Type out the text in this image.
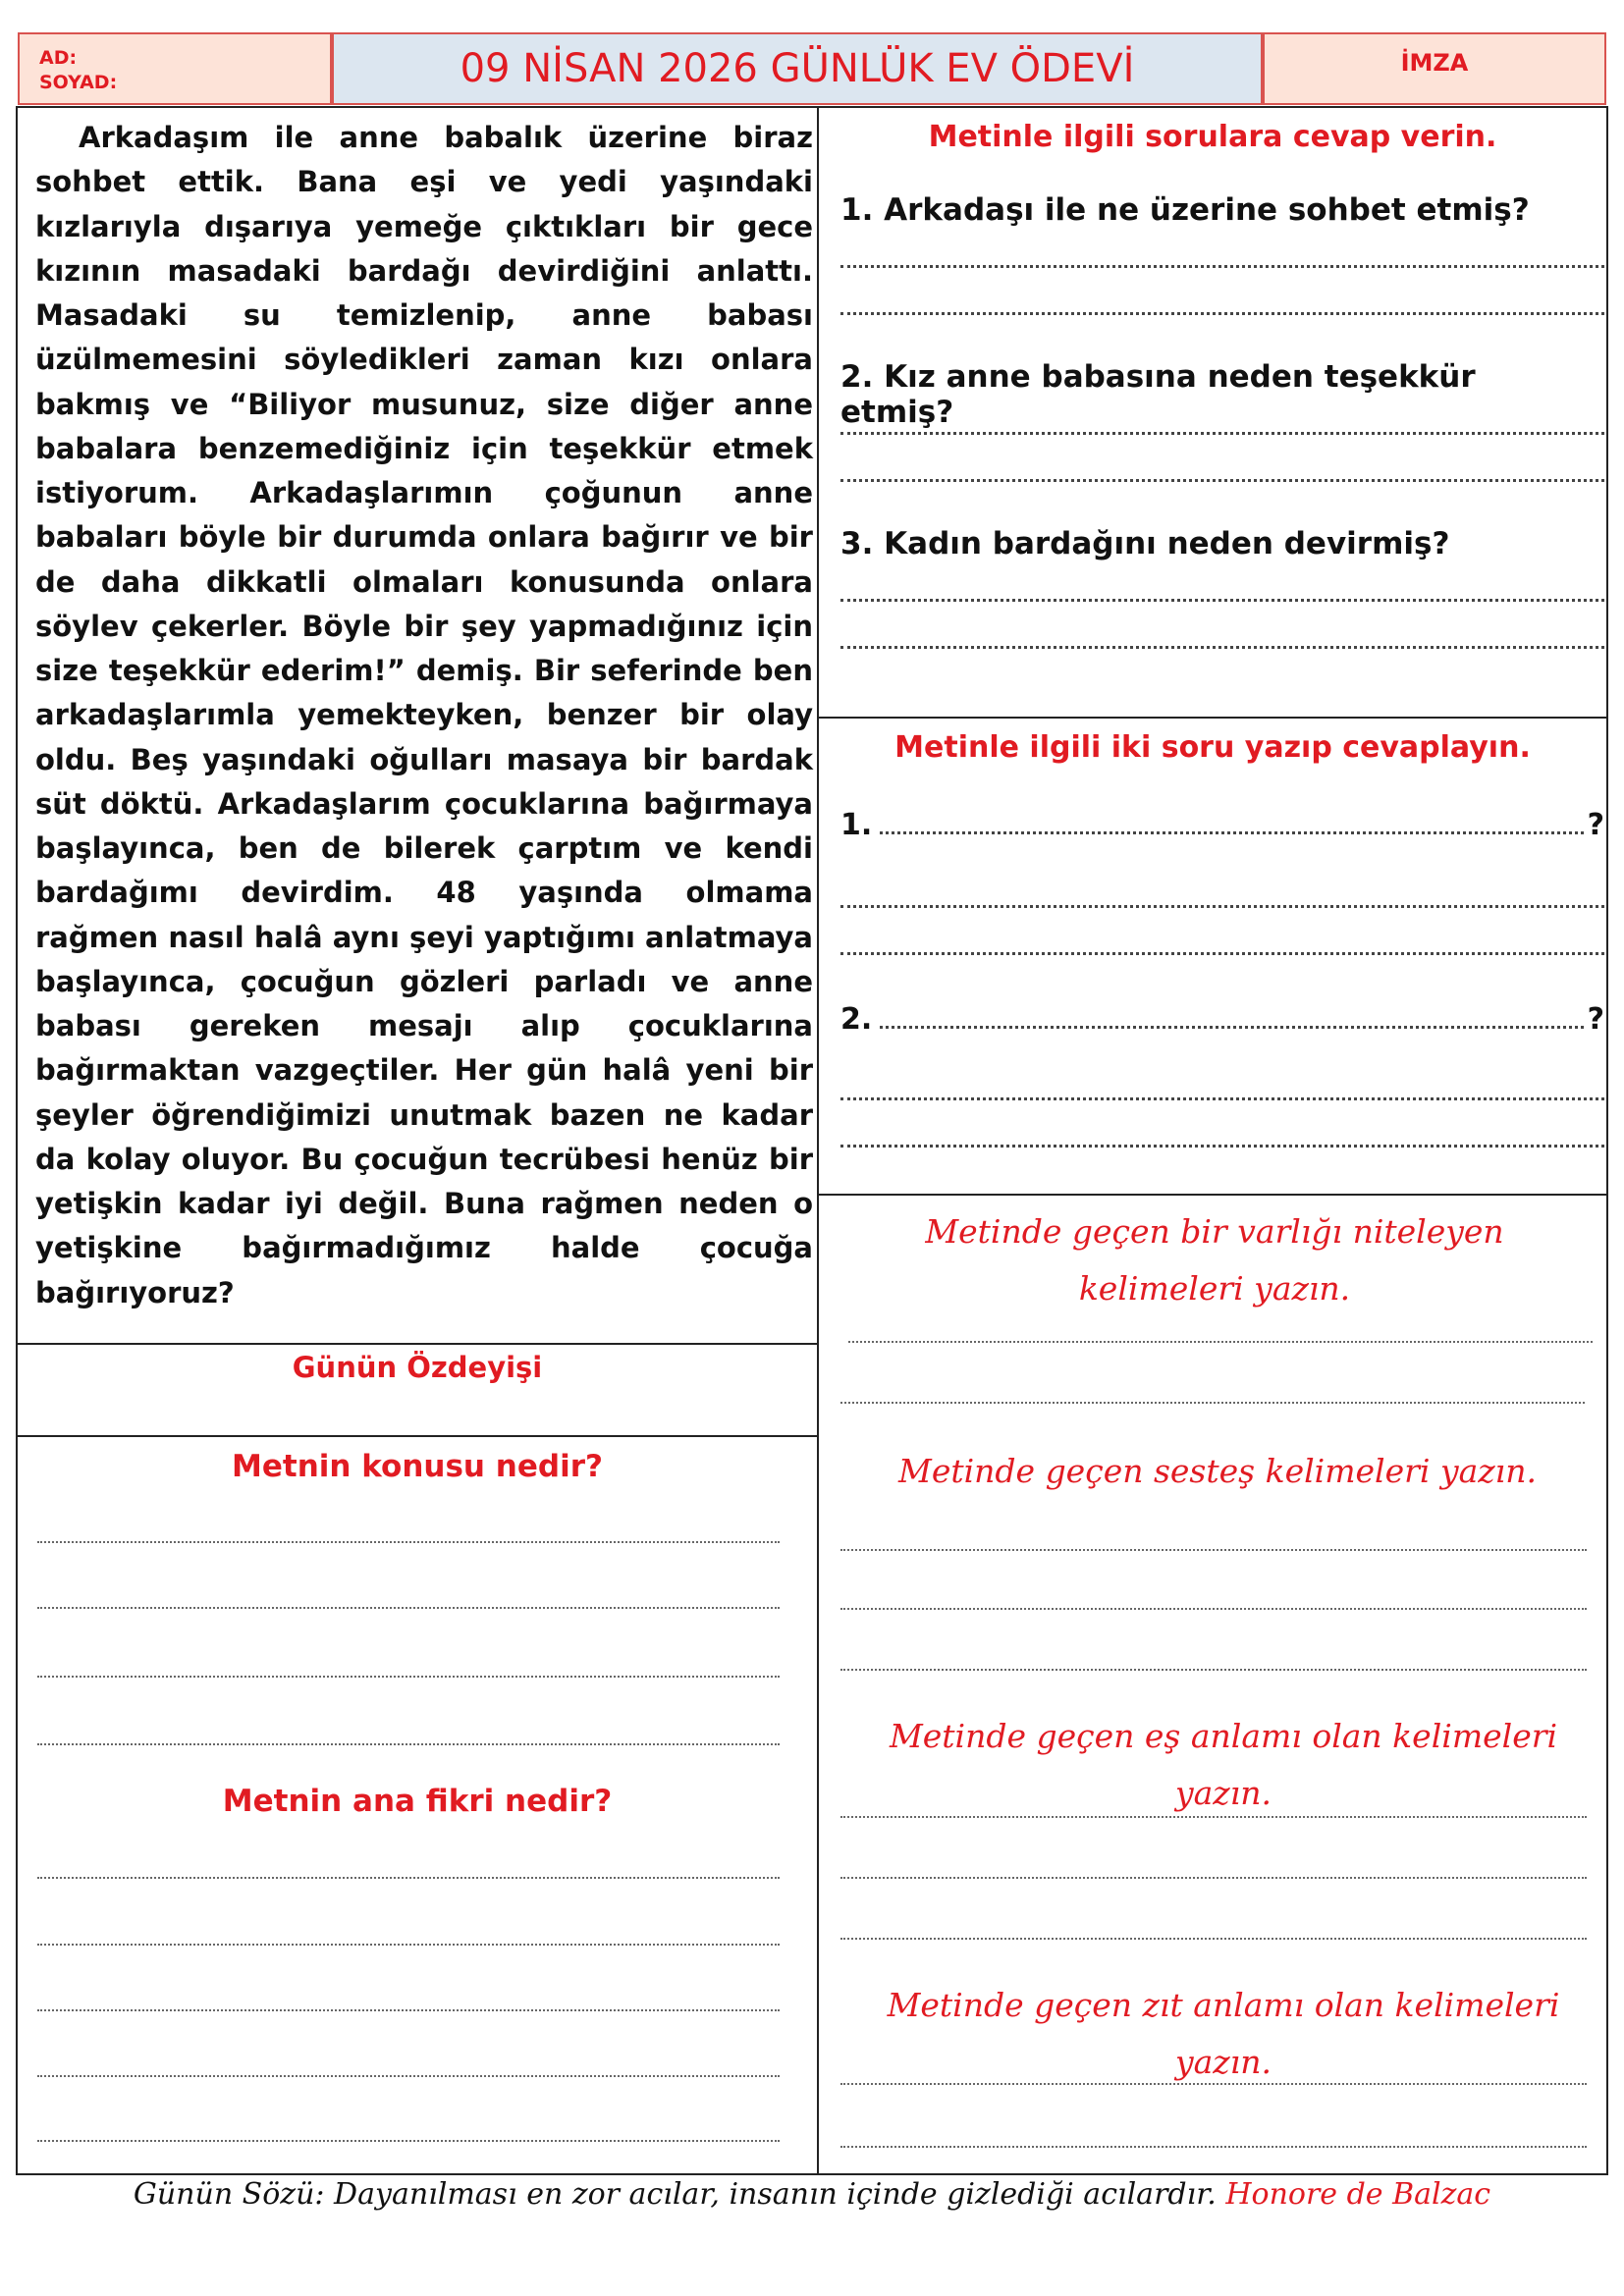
AD:
SOYAD:	09 NİSAN 2026 GÜNLÜK EV ÖDEVİ	İMZA

Arkadaşım ile anne babalık üzerine biraz sohbet ettik. Bana eşi ve yedi yaşındaki kızlarıyla dışarıya yemeğe çıktıkları bir gece kızının masadaki bardağı devirdiğini anlattı. Masadaki su temizlenip, anne babası üzülmemesini söyledikleri zaman kızı onlara bakmış ve “Biliyor musunuz, size diğer anne babalara benzemediğiniz için teşekkür etmek istiyorum. Arkadaşlarımın çoğunun anne babaları böyle bir durumda onlara bağırır ve bir de daha dikkatli olmaları konusunda onlara söylev çekerler. Böyle bir şey yapmadığınız için size teşekkür ederim!” demiş. Bir seferinde ben arkadaşlarımla yemekteyken, benzer bir olay oldu. Beş yaşındaki oğulları masaya bir bardak süt döktü. Arkadaşlarım çocuklarına bağırmaya başlayınca, ben de bilerek çarptım ve kendi bardağımı devirdim. 48 yaşında olmama rağmen nasıl halâ aynı şeyi yaptığımı anlatmaya başlayınca, çocuğun gözleri parladı ve anne babası gereken mesajı alıp çocuklarına bağırmaktan vazgeçtiler. Her gün halâ yeni bir şeyler öğrendiğimizi unutmak bazen ne kadar da kolay oluyor. Bu çocuğun tecrübesi henüz bir yetişkin kadar iyi değil. Buna rağmen neden o yetişkine bağırmadığımız halde çocuğa bağırıyoruz?

Günün Özdeyişi
Metnin konusu nedir?
Metnin ana fikri nedir?
Metinle ilgili sorulara cevap verin.
1. Arkadaşı ile ne üzerine sohbet etmiş?
2. Kız anne babasına neden teşekkür etmiş?
3. Kadın bardağını neden devirmiş?
Metinle ilgili iki soru yazıp cevaplayın.
1.	?
2.	?
Metinde geçen bir varlığı niteleyen kelimeleri yazın.
Metinde geçen sesteş kelimeleri yazın.
Metinde geçen eş anlamı olan kelimeleri yazın.
Metinde geçen zıt anlamı olan kelimeleri yazın.
Günün Sözü: Dayanılması en zor acılar, insanın içinde gizlediği acılardır. Honore de Balzac
